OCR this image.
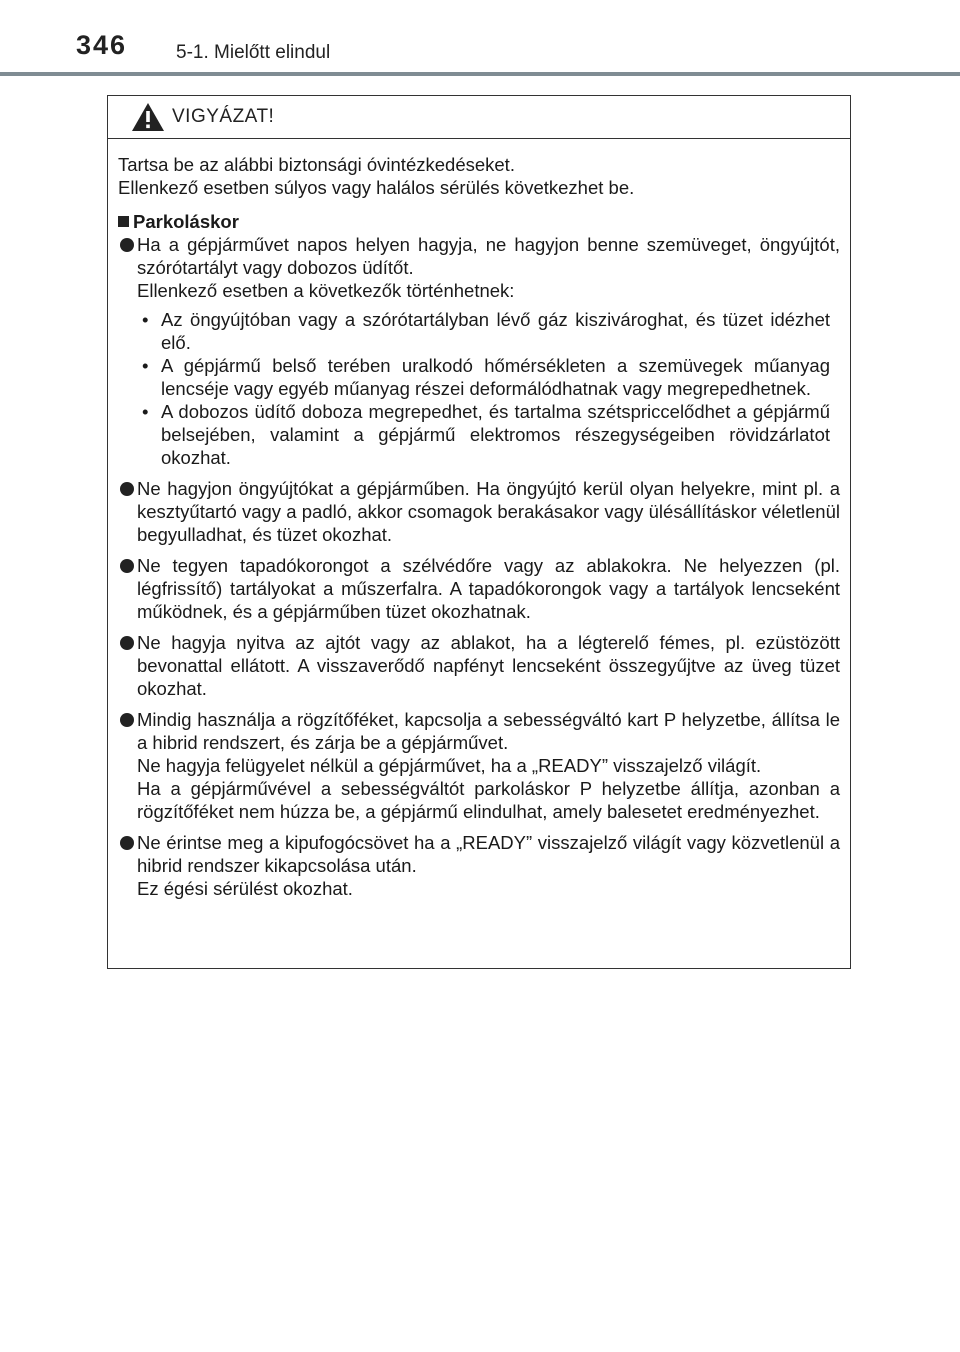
346	5-1. Mielőtt elindul
VIGYÁZAT!

Tartsa be az alábbi biztonsági óvintézkedéseket.

Ellenkező esetben súlyos vagy halálos sérülés következhet be.

Parkoláskor

Ha a gépjárművet napos helyen hagyja, ne hagyjon benne szemüveget, öngyújtót, szórótartályt vagy dobozos üdítőt.

Ellenkező esetben a következők történhetnek:

• Az öngyújtóban vagy a szórótartályban lévő gáz kiszivároghat, és tüzet idézhet elő.
• A gépjármű belső terében uralkodó hőmérsékleten a szemüvegek műanyag lencséje vagy egyéb műanyag részei deformálódhatnak vagy megrepedhetnek.
• A dobozos üdítő doboza megrepedhet, és tartalma szétspriccelődhet a gépjármű belsejében, valamint a gépjármű elektromos részegységeiben rövidzárlatot okozhat.

Ne hagyjon öngyújtókat a gépjárműben. Ha öngyújtó kerül olyan helyekre, mint pl. a kesztyűtartó vagy a padló, akkor csomagok berakásakor vagy ülésállításkor véletlenül begyulladhat, és tüzet okozhat.

Ne tegyen tapadókorongot a szélvédőre vagy az ablakokra. Ne helyezzen (pl. légfrissítő) tartályokat a műszerfalra. A tapadókorongok vagy a tartályok lencseként működnek, és a gépjárműben tüzet okozhatnak.

Ne hagyja nyitva az ajtót vagy az ablakot, ha a légterelő fémes, pl. ezüstözött bevonattal ellátott. A visszaverődő napfényt lencseként összegyűjtve az üveg tüzet okozhat.

Mindig használja a rögzítőféket, kapcsolja a sebességváltó kart P helyzetbe, állítsa le a hibrid rendszert, és zárja be a gépjárművet.

Ne hagyja felügyelet nélkül a gépjárművet, ha a „READY” visszajelző világít.

Ha a gépjárművével a sebességváltót parkoláskor P helyzetbe állítja, azonban a rögzítőféket nem húzza be, a gépjármű elindulhat, amely balesetet eredményezhet.

Ne érintse meg a kipufogócsövet ha a „READY” visszajelző világít vagy közvetlenül a hibrid rendszer kikapcsolása után.

Ez égési sérülést okozhat.
